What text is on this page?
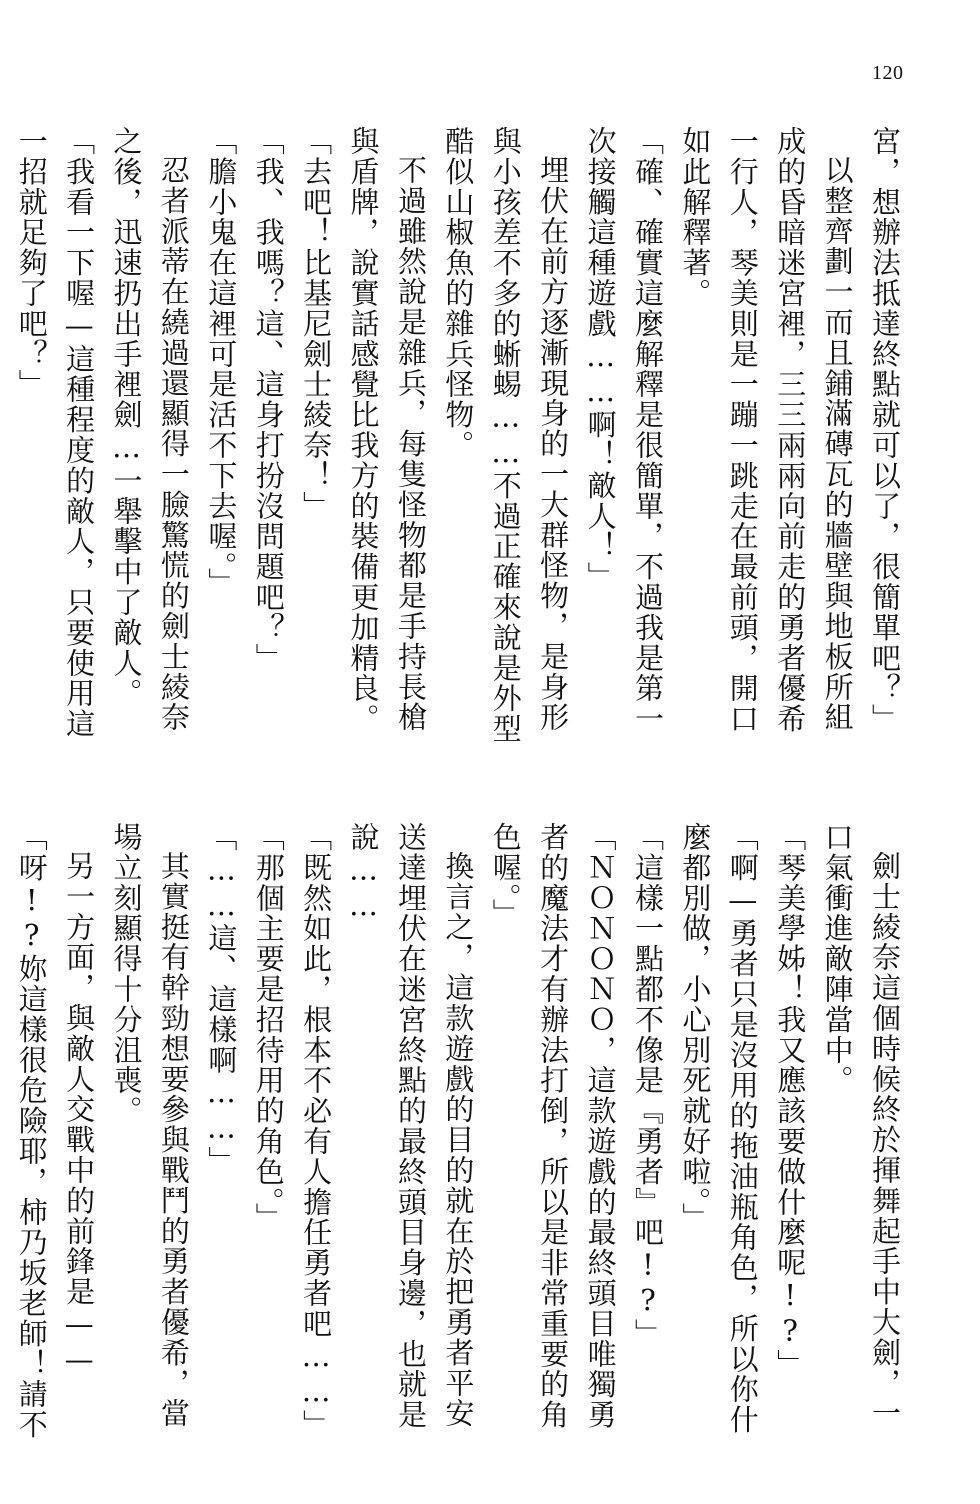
120

宮，想辦法抵達終點就可以了，很簡單吧？」

以整齊劃一而且鋪滿磚瓦的牆壁與地板所組成的昏暗迷宮裡，三三兩兩向前走的勇者優希一行人，琴美則是一蹦一跳走在最前頭，開口如此解釋著。

「確、確實這麼解釋是很簡單，不過我是第一次接觸這種遊戲……啊！敵人！」

埋伏在前方逐漸現身的一大群怪物，是身形與小孩差不多的蜥蜴……不過正確來說是外型酷似山椒魚的雜兵怪物。

不過雖然說是雜兵，每隻怪物都是手持長槍與盾牌，說實話感覺比我方的裝備更加精良。

「去吧！比基尼劍士綾奈！」

「我、我嗎？這、這身打扮沒問題吧？」

「膽小鬼在這裡可是活不下去喔。」

忍者派蒂在繞過還顯得一臉驚慌的劍士綾奈之後，迅速扔出手裡劍…一舉擊中了敵人。

「我看一下喔—這種程度的敵人，只要使用這一招就足夠了吧？」

劍士綾奈這個時候終於揮舞起手中大劍，一口氣衝進敵陣當中。

「琴美學姊！我又應該要做什麼呢!?」

「啊—勇者只是沒用的拖油瓶角色，所以你什麼都別做，小心別死就好啦。」

「這樣一點都不像是『勇者』吧!?」

「ＮＯＮＯＮＯ，這款遊戲的最終頭目唯獨勇者的魔法才有辦法打倒，所以是非常重要的角色喔。」

換言之，這款遊戲的目的就在於把勇者平安送達埋伏在迷宮終點的最終頭目身邊，也就是說……

「既然如此，根本不必有人擔任勇者吧……」

「那個主要是招待用的角色。」

「……這、這樣啊……」

其實挺有幹勁想要參與戰鬥的勇者優希，當場立刻顯得十分沮喪。

另一方面，與敵人交戰中的前鋒是——

「呀!?妳這樣很危險耶，柿乃坂老師！請不
